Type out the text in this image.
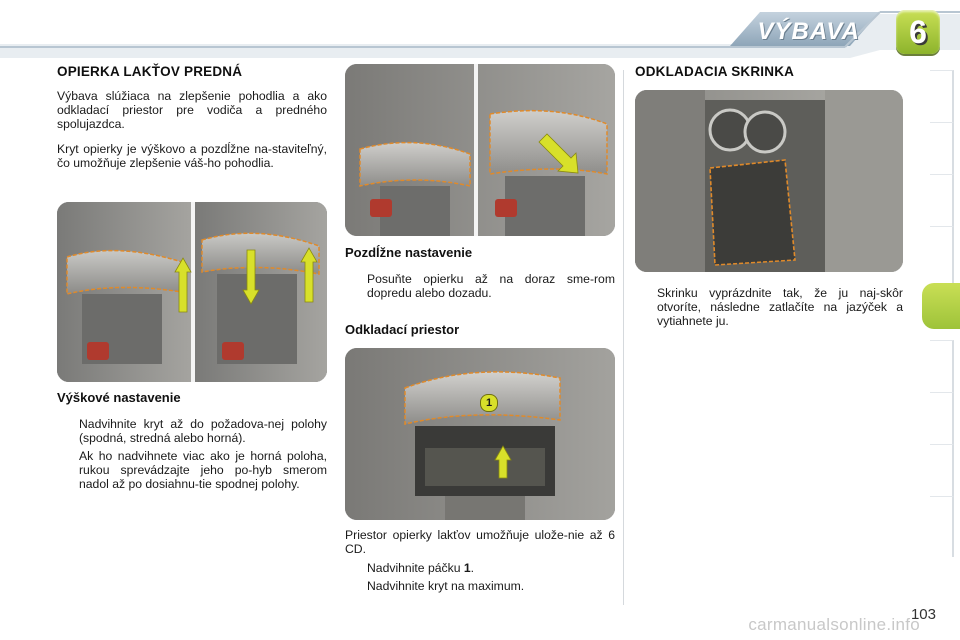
VÝBAVA 6
OPIERKA LAKŤOV PREDNÁ

Výbava slúžiaca na zlepšenie pohodlia a ako odkladací priestor pre vodiča a predného spolujazdca.

Kryt opierky je výškovo a pozdĺžne na-staviteľný, čo umožňuje zlepšenie váš-ho pohodlia.

Výškové nastavenie
Nadvihnite kryt až do požadova-nej polohy (spodná, stredná alebo horná).
Ak ho nadvihnete viac ako je horná poloha, rukou sprevádzajte jeho po-hyb smerom nadol až po dosiahnu-tie spodnej polohy.
Pozdĺžne nastavenie
Posuňte opierku až na doraz sme-rom dopredu alebo dozadu.
Odkladací priestor
1

Priestor opierky lakťov umožňuje ulože-nie až 6 CD.

Nadvihnite páčku 1.
Nadvihnite kryt na maximum.
ODKLADACIA SKRINKA
Skrinku vyprázdnite tak, že ju naj-skôr otvoríte, následne zatlačíte na jazýček a vytiahnete ju.
103
carmanualsonline.info
